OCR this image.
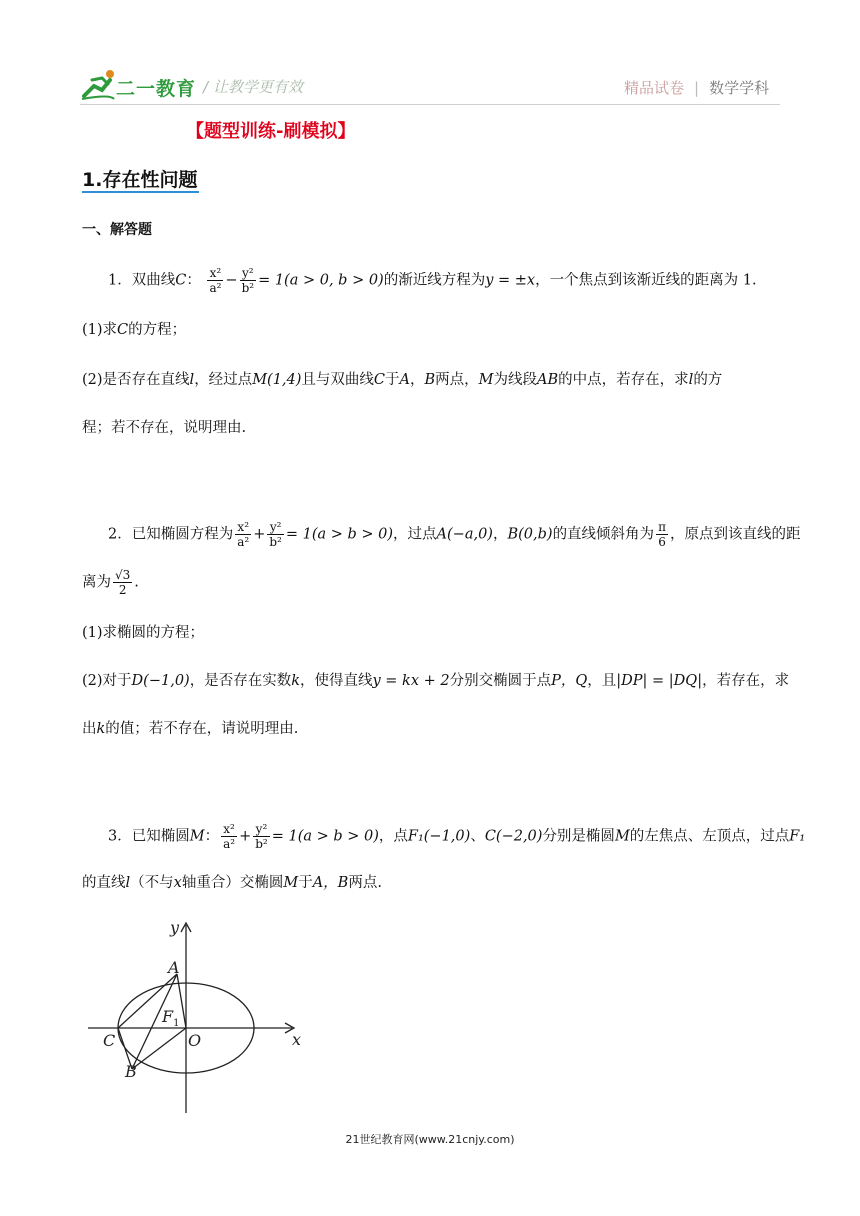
二一教育 / 让教学更有效	精品试卷 | 数学学科
【题型训练-刷模拟】
1.存在性问题
一、解答题
1．双曲线C： $\frac{\text{x²}}{\text{a²}} - \frac{\text{y²}}{\text{b²}} = 1(a > 0$, b > 0)的渐近线方程为y = ±x，一个焦点到该渐近线的距离为 1.
(1)求C的方程；
(2)是否存在直线l，经过点M(1,4)且与双曲线C于A，B两点，M为线段AB的中点，若存在，求l的方
程；若不存在，说明理由.
2．已知椭圆方程为 $\frac{\text{x²}}{\text{a²}} + \frac{\text{y²}}{\text{b²}} = 1(a > b > 0)$，过点A(−a,0)，B(0,b)的直线倾斜角为 $\frac{\pi}{6}$ ，原点到该直线的距
离为 $\frac{√3}{2}$ .
(1)求椭圆的方程；
(2)对于D(−1,0)，是否存在实数k，使得直线y = kx + 2分别交椭圆于点P，Q，且|DP| = |DQ|，若存在，求
出k的值；若不存在，请说明理由.
3．已知椭圆M： $\frac{\text{x²}}{\text{a²}} + \frac{\text{y²}}{\text{b²}} = 1(a > b > 0)$，点F₁(−1,0)、C(−2,0)分别是椭圆M的左焦点、左顶点，过点F₁
的直线l（不与x轴重合）交椭圆M于A，B两点.
y
x
A
$F_1$
C	O
B
21世纪教育网(www.21cnjy.com)
